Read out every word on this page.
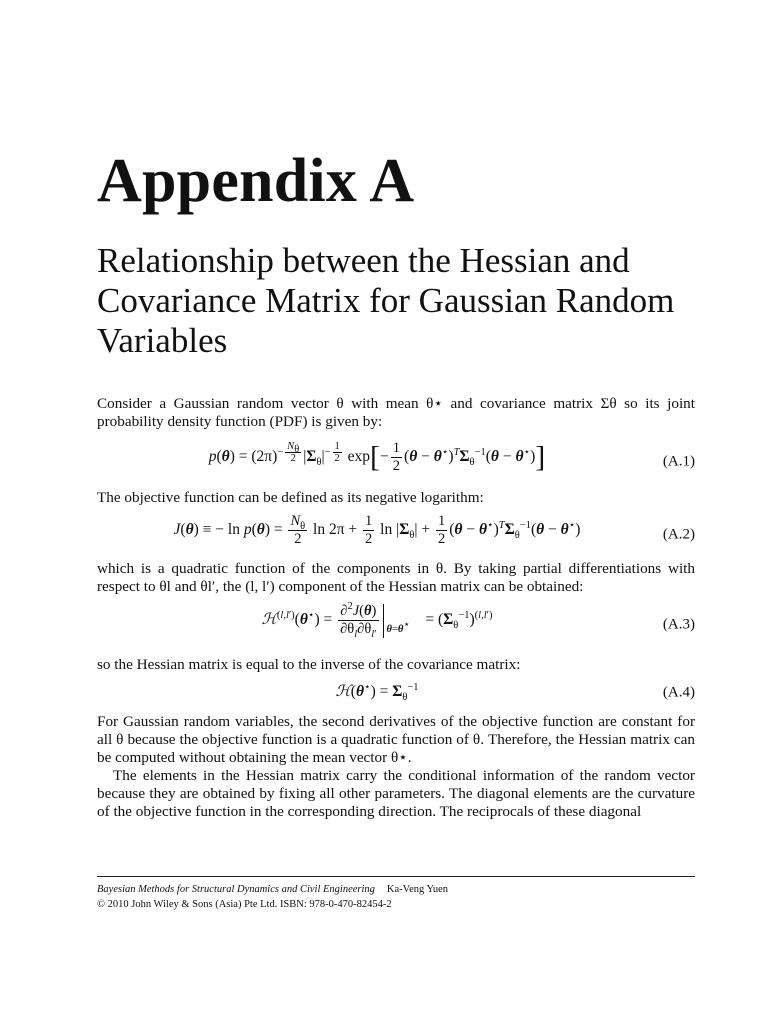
Appendix A
Relationship between the Hessian and Covariance Matrix for Gaussian Random Variables

Consider a Gaussian random vector θ with mean θ⋆ and covariance matrix Σθ so its joint probability density function (PDF) is given by:

$p(\theta) = (2\pi)^{- \frac{N_\theta}{2}}$ $|\Sigma_\theta|^{- \frac{1}{2}}$ $\exp[- \frac{1}{2} (\theta - \theta^⋆)^T\Sigma_\theta^{-1}(\theta - \theta^⋆)]$	(A.1)

The objective function can be defined as its negative logarithm:

J(θ) ≡ − $\ln p(\theta) = \frac{N_\theta}{2}$ $\ln 2\pi + \frac{1}{2}$ $\ln |\Sigma_\theta| + \frac{1}{2} (\theta - \theta^⋆)^T\Sigma_\theta^{-1}(\theta - \theta^⋆)$	(A.2)

which is a quadratic function of the components in θ. By taking partial differentiations with respect to θl and θl′, the (l, l′) component of the Hessian matrix can be obtained:

ℋ$^{(l,l')}$(θ⋆) = $\frac{\partial^2J(\theta)}{\partial\theta_l\partial\theta_{l'}} \theta=\theta^⋆ = (\Sigma_\theta^{-1})^{(l,l')}$
(A.3)

so the Hessian matrix is equal to the inverse of the covariance matrix:

ℋ(θ⋆) = $\Sigma_\theta^{-1}$	(A.4)

For Gaussian random variables, the second derivatives of the objective function are constant for all θ because the objective function is a quadratic function of θ. Therefore, the Hessian matrix can be computed without obtaining the mean vector θ⋆.

The elements in the Hessian matrix carry the conditional information of the random vector because they are obtained by fixing all other parameters. The diagonal elements are the curvature of the objective function in the corresponding direction. The reciprocals of these diagonal

Bayesian Methods for Structural Dynamics and Civil Engineering Ka-Veng Yuen
© 2010 John Wiley & Sons (Asia) Pte Ltd. ISBN: 978-0-470-82454-2
